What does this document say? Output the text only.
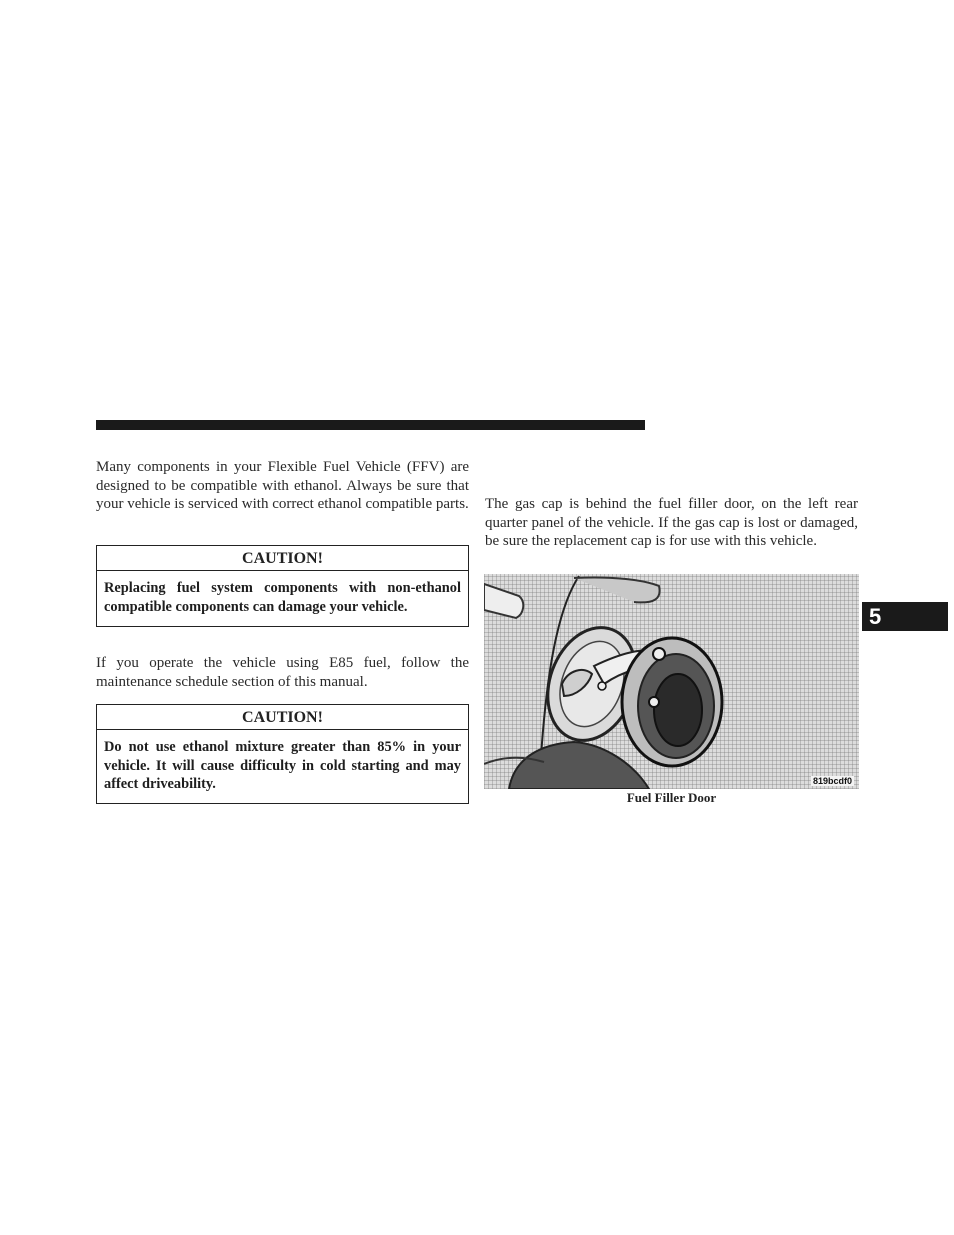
Many components in your Flexible Fuel Vehicle (FFV) are designed to be compatible with ethanol. Always be sure that your vehicle is serviced with correct ethanol compatible parts.

CAUTION!
Replacing fuel system components with non-ethanol compatible components can damage your vehicle.

If you operate the vehicle using E85 fuel, follow the maintenance schedule section of this manual.

CAUTION!
Do not use ethanol mixture greater than 85% in your vehicle. It will cause difficulty in cold starting and may affect driveability.

The gas cap is behind the fuel filler door, on the left rear quarter panel of the vehicle. If the gas cap is lost or damaged, be sure the replacement cap is for use with this vehicle.

819bcdf0
Fuel Filler Door
5
